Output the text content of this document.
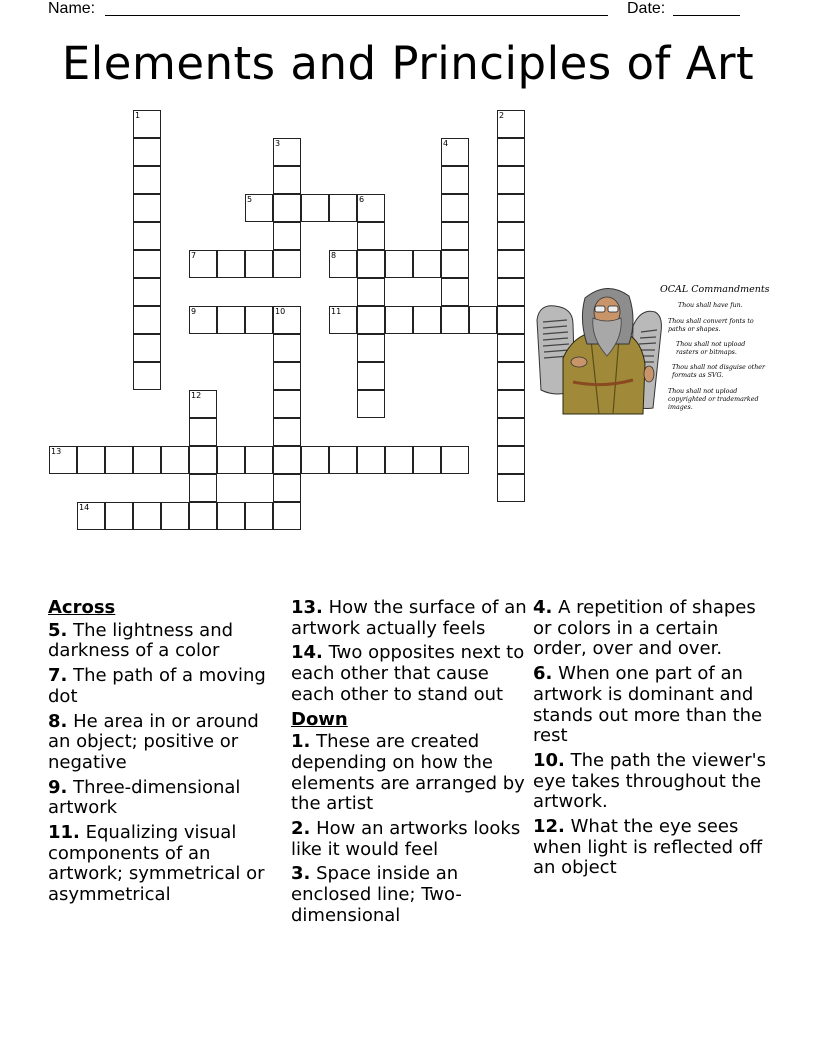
Name:	Date:
Elements and Principles of Art
1	2
3	4
5	6
7	8
9	10	11
12
13
14
OCAL Commandments
Thou shall have fun.
Thou shall convert fonts to paths or shapes.
Thou shall not upload rasters or bitmaps.
Thou shall not disguise other formats as SVG.
Thou shall not upload copyrighted or trademarked images.
Across
5. The lightness and darkness of a color
7. The path of a moving dot
8. He area in or around an object; positive or negative
9. Three-dimensional artwork
11. Equalizing visual components of an artwork; symmetrical or asymmetrical
13. How the surface of an artwork actually feels
14. Two opposites next to each other that cause each other to stand out
Down
1. These are created depending on how the elements are arranged by the artist
2. How an artworks looks like it would feel
3. Space inside an enclosed line; Two-dimensional
4. A repetition of shapes or colors in a certain order, over and over.
6. When one part of an artwork is dominant and stands out more than the rest
10. The path the viewer's eye takes throughout the artwork.
12. What the eye sees when light is reflected off an object
